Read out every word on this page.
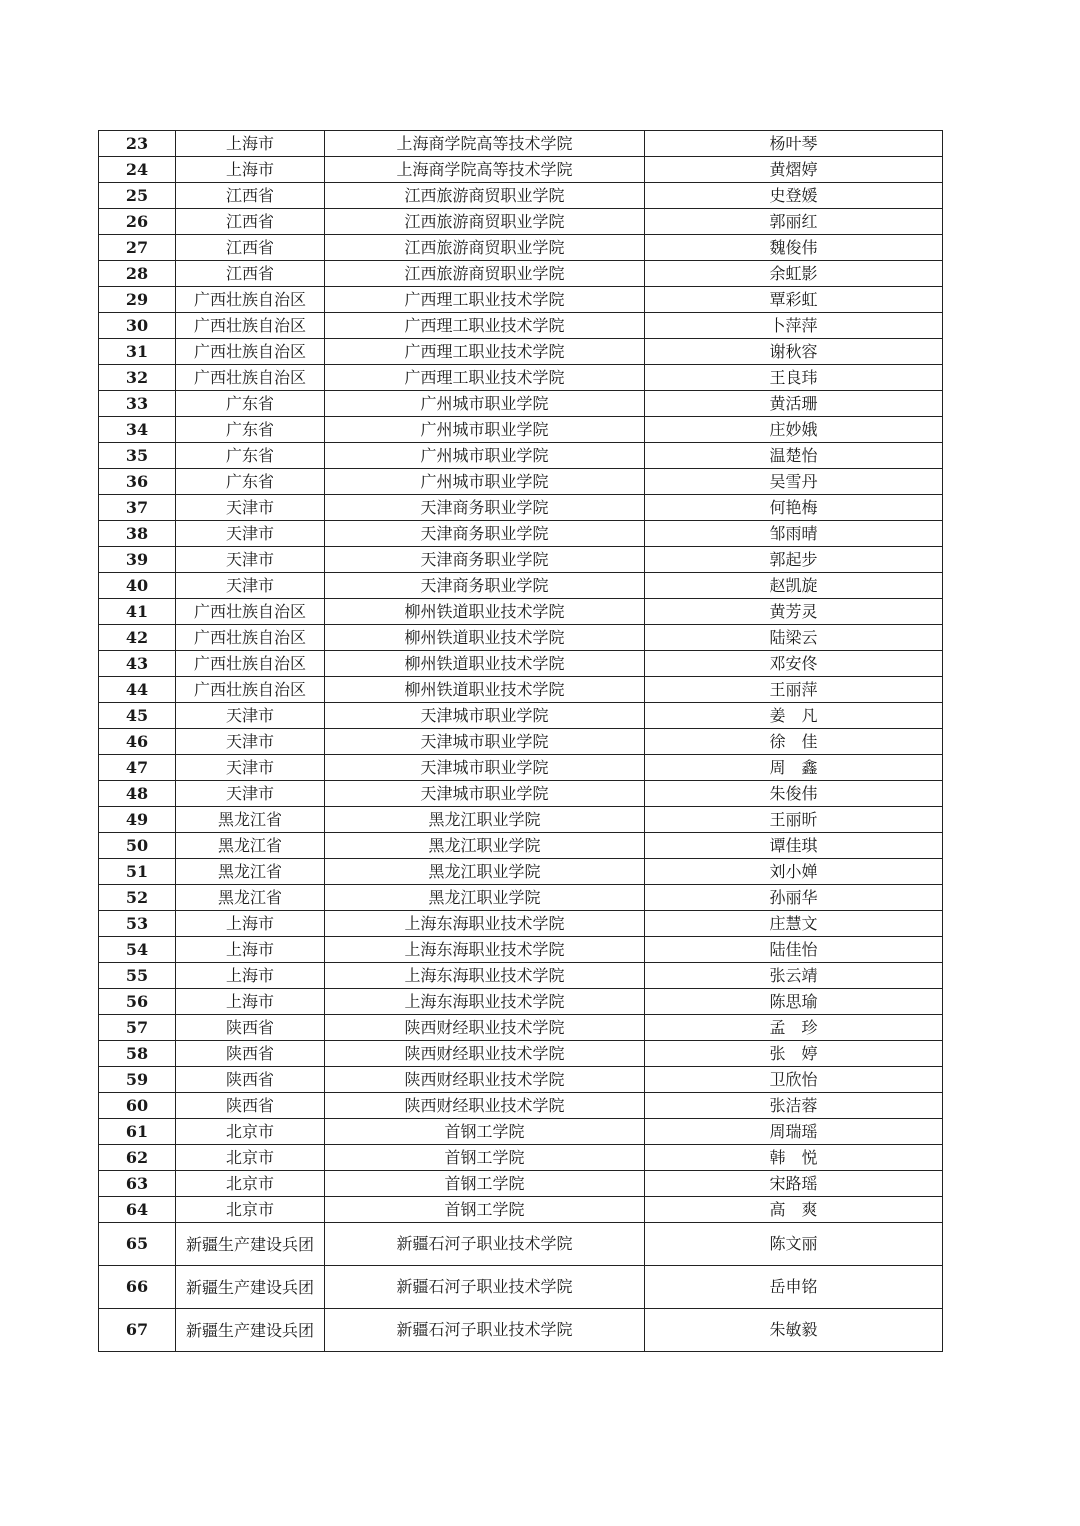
23	上海市	上海商学院高等技术学院	杨叶琴
24	上海市	上海商学院高等技术学院	黄熠婷
25	江西省	江西旅游商贸职业学院	史登媛
26	江西省	江西旅游商贸职业学院	郭丽红
27	江西省	江西旅游商贸职业学院	魏俊伟
28	江西省	江西旅游商贸职业学院	余虹影
29	广西壮族自治区	广西理工职业技术学院	覃彩虹
30	广西壮族自治区	广西理工职业技术学院	卜萍萍
31	广西壮族自治区	广西理工职业技术学院	谢秋容
32	广西壮族自治区	广西理工职业技术学院	王良玮
33	广东省	广州城市职业学院	黄活珊
34	广东省	广州城市职业学院	庄妙娥
35	广东省	广州城市职业学院	温楚怡
36	广东省	广州城市职业学院	吴雪丹
37	天津市	天津商务职业学院	何艳梅
38	天津市	天津商务职业学院	邹雨晴
39	天津市	天津商务职业学院	郭起步
40	天津市	天津商务职业学院	赵凯旋
41	广西壮族自治区	柳州铁道职业技术学院	黄芳灵
42	广西壮族自治区	柳州铁道职业技术学院	陆梁云
43	广西壮族自治区	柳州铁道职业技术学院	邓安佟
44	广西壮族自治区	柳州铁道职业技术学院	王丽萍
45	天津市	天津城市职业学院	姜　凡
46	天津市	天津城市职业学院	徐　佳
47	天津市	天津城市职业学院	周　鑫
48	天津市	天津城市职业学院	朱俊伟
49	黑龙江省	黑龙江职业学院	王丽昕
50	黑龙江省	黑龙江职业学院	谭佳琪
51	黑龙江省	黑龙江职业学院	刘小婵
52	黑龙江省	黑龙江职业学院	孙丽华
53	上海市	上海东海职业技术学院	庄慧文
54	上海市	上海东海职业技术学院	陆佳怡
55	上海市	上海东海职业技术学院	张云靖
56	上海市	上海东海职业技术学院	陈思瑜
57	陕西省	陕西财经职业技术学院	孟　珍
58	陕西省	陕西财经职业技术学院	张　婷
59	陕西省	陕西财经职业技术学院	卫欣怡
60	陕西省	陕西财经职业技术学院	张洁蓉
61	北京市	首钢工学院	周瑞瑶
62	北京市	首钢工学院	韩　悦
63	北京市	首钢工学院	宋路瑶
64	北京市	首钢工学院	高　爽
65	新疆生产建设兵团	新疆石河子职业技术学院	陈文丽
66	新疆生产建设兵团	新疆石河子职业技术学院	岳申铭
67	新疆生产建设兵团	新疆石河子职业技术学院	朱敏毅
